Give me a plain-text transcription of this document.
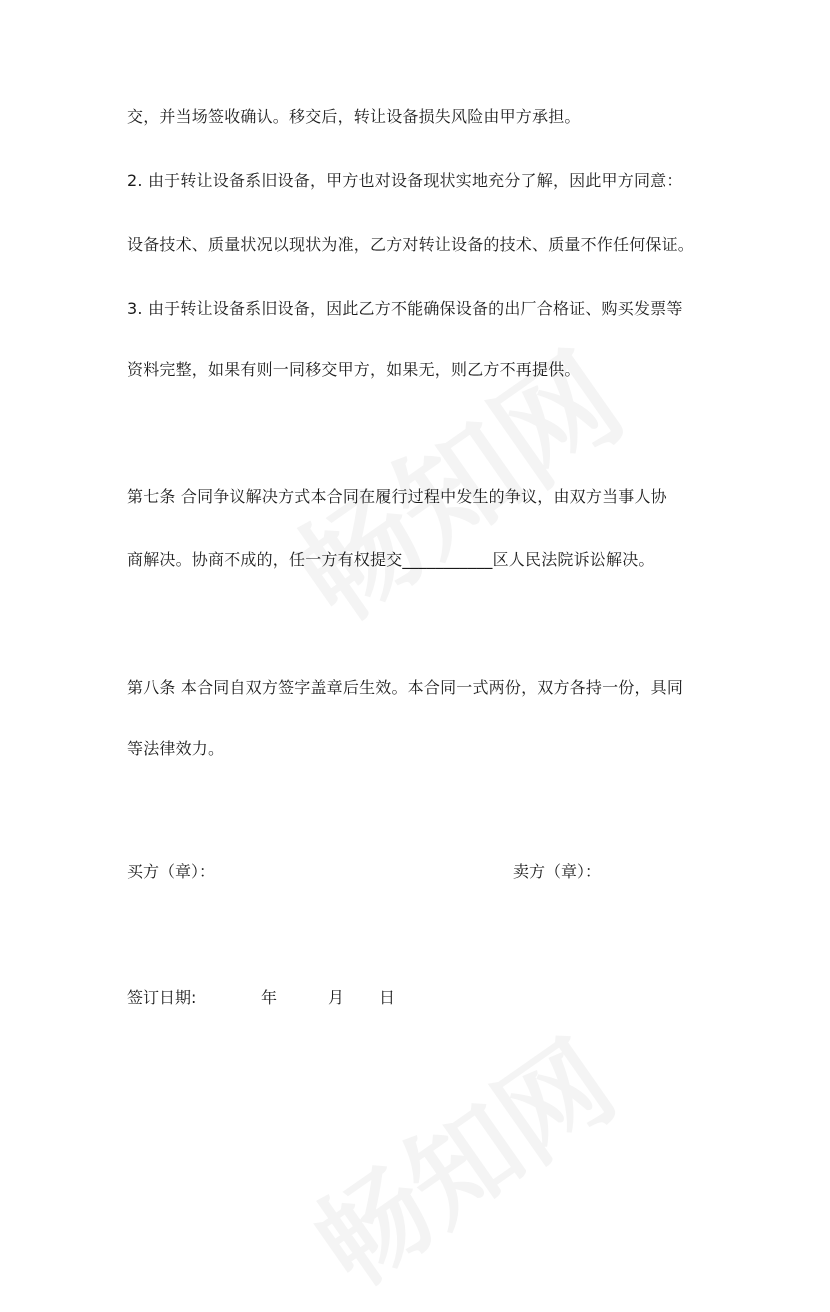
交，并当场签收确认。移交后，转让设备损失风险由甲方承担。
2. 由于转让设备系旧设备，甲方也对设备现状实地充分了解，因此甲方同意：
设备技术、质量状况以现状为准，乙方对转让设备的技术、质量不作任何保证。
3. 由于转让设备系旧设备，因此乙方不能确保设备的出厂合格证、购买发票等
资料完整，如果有则一同移交甲方，如果无，则乙方不再提供。
第七条 合同争议解决方式本合同在履行过程中发生的争议，由双方当事人协
商解决。协商不成的，任一方有权提交___________区人民法院诉讼解决。
第八条 本合同自双方签字盖章后生效。本合同一式两份，双方各持一份，具同
等法律效力。
买方（章）：	卖方（章）：
签订日期:	年	月 日
